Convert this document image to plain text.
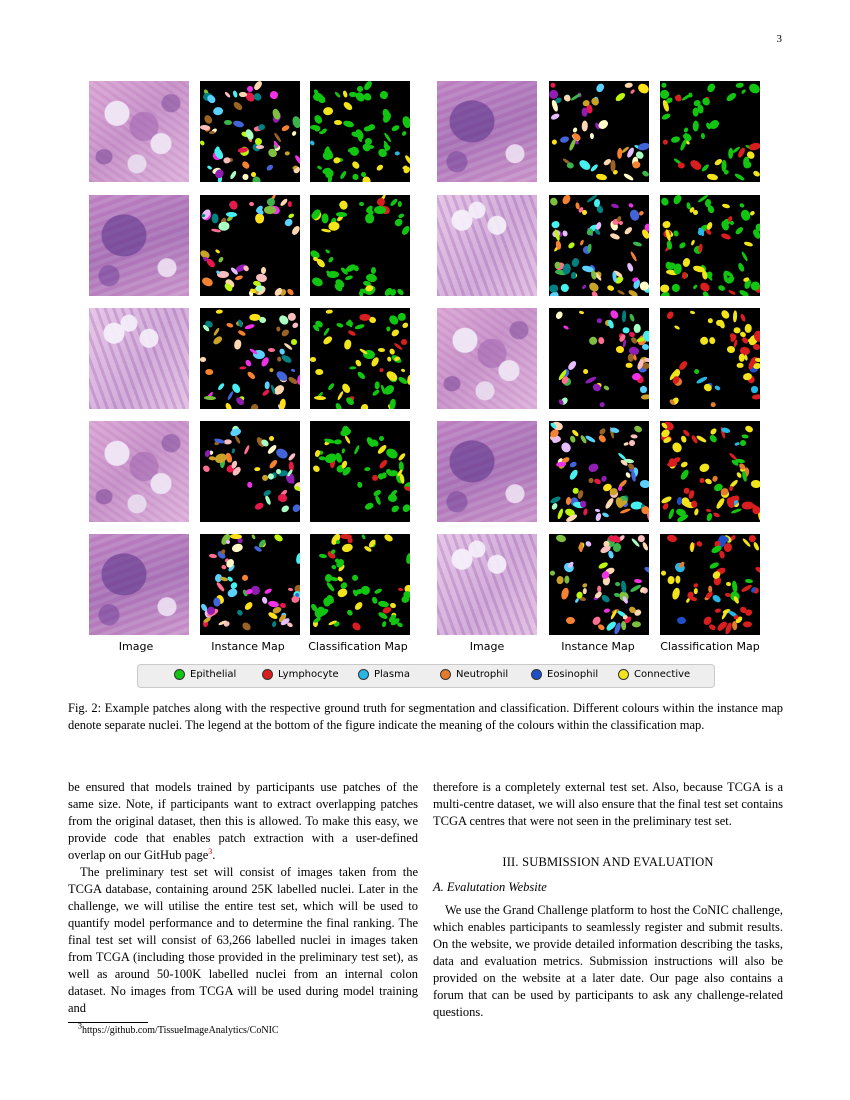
3
Image	Instance Map	Classification Map	Image	Instance Map	Classification Map
Epithelial	Lymphocyte	Plasma	Neutrophil	Eosinophil	Connective
Fig. 2: Example patches along with the respective ground truth for segmentation and classification. Different colours within the instance map denote separate nuclei. The legend at the bottom of the figure indicate the meaning of the colours within the classification map.

be ensured that models trained by participants use patches of the same size. Note, if participants want to extract overlapping patches from the original dataset, then this is allowed. To make this easy, we provide code that enables patch extraction with a user-defined overlap on our GitHub page$^3$.

The preliminary test set will consist of images taken from the TCGA database, containing around 25K labelled nuclei. Later in the challenge, we will utilise the entire test set, which will be used to quantify model performance and to determine the final ranking. The final test set will consist of 63,266 labelled nuclei in images taken from TCGA (including those provided in the preliminary test set), as well as around 50-100K labelled nuclei from an internal colon dataset. No images from TCGA will be used during model training and

$^3$https://github.com/TissueImageAnalytics/CoNIC

therefore is a completely external test set. Also, because TCGA is a multi-centre dataset, we will also ensure that the final test set contains TCGA centres that were not seen in the preliminary test set.

III. SUBMISSION AND EVALUATION
A. Evalutation Website

We use the Grand Challenge platform to host the CoNIC challenge, which enables participants to seamlessly register and submit results. On the website, we provide detailed information describing the tasks, data and evaluation metrics. Submission instructions will also be provided on the website at a later date. Our page also contains a forum that can be used by participants to ask any challenge-related questions.
